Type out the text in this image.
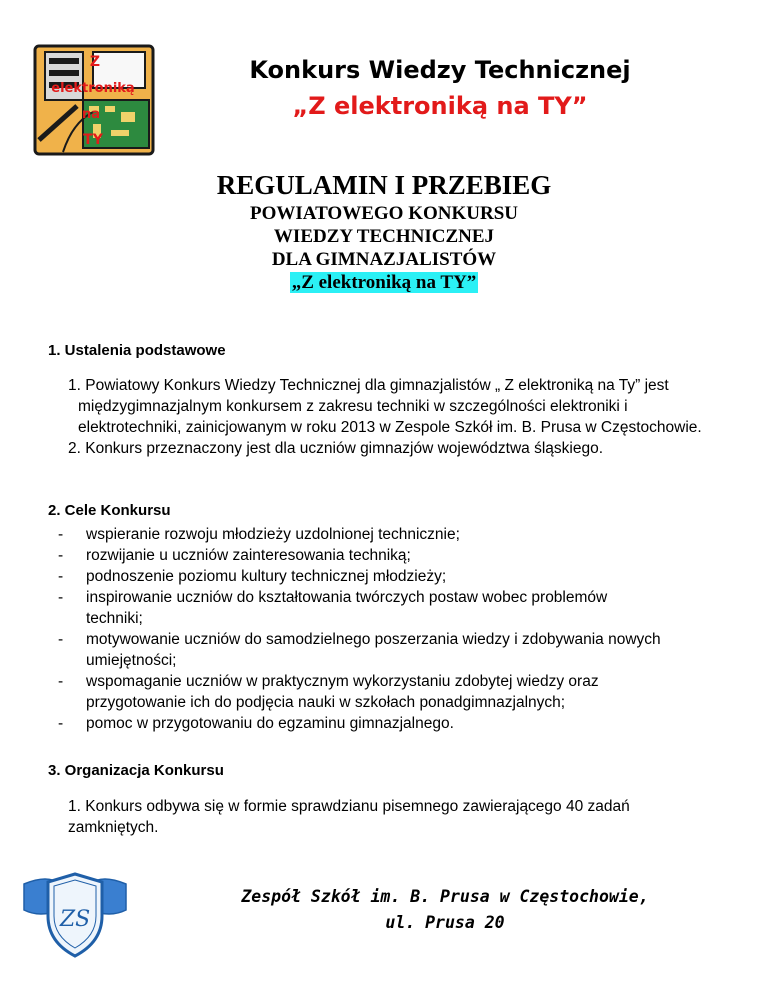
Z
elektroniką
na
TY
Konkurs Wiedzy Technicznej
„Z elektroniką na TY”
REGULAMIN I PRZEBIEG
POWIATOWEGO KONKURSU
WIEDZY TECHNICZNEJ
DLA GIMNAZJALISTÓW
„Z elektroniką na TY”
1. Ustalenia podstawowe
1. Powiatowy Konkurs Wiedzy Technicznej dla gimnazjalistów „ Z elektroniką na Ty” jest międzygimnazjalnym konkursem z zakresu techniki w szczególności elektroniki i elektrotechniki, zainicjowanym w roku 2013 w Zespole Szkół im. B. Prusa w Częstochowie.
2. Konkurs przeznaczony jest dla uczniów gimnazjów województwa śląskiego.
2. Cele Konkursu
- wspieranie rozwoju młodzieży uzdolnionej technicznie;
- rozwijanie u uczniów zainteresowania techniką;
- podnoszenie poziomu kultury technicznej młodzieży;
- inspirowanie uczniów do kształtowania twórczych postaw wobec problemów techniki;
- motywowanie uczniów do samodzielnego poszerzania wiedzy i zdobywania nowych umiejętności;
- wspomaganie uczniów w praktycznym wykorzystaniu zdobytej wiedzy oraz przygotowanie ich do podjęcia nauki w szkołach ponadgimnazjalnych;
- pomoc w przygotowaniu do egzaminu gimnazjalnego.
3. Organizacja Konkursu
1. Konkurs odbywa się w formie sprawdzianu pisemnego zawierającego 40 zadań zamkniętych.
ZS
Zespół Szkół im. B. Prusa w Częstochowie,
ul. Prusa 20
